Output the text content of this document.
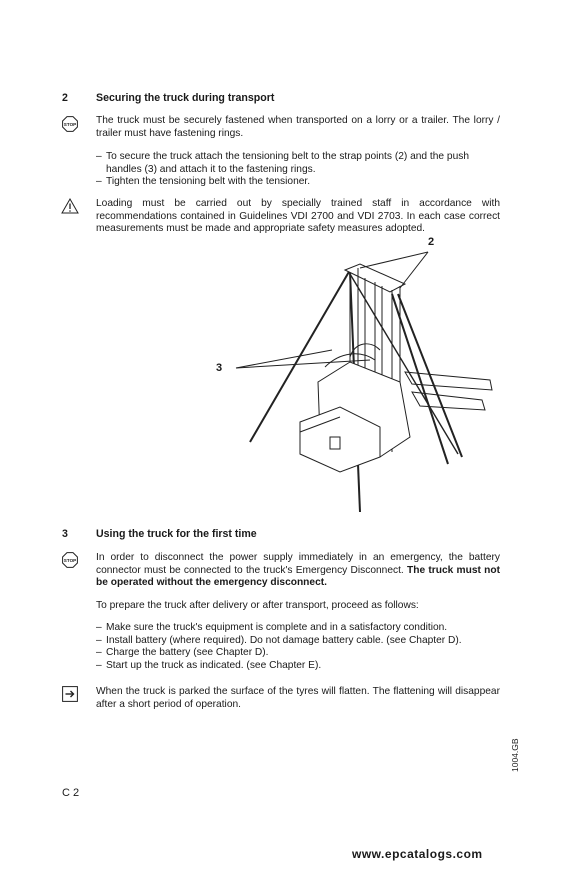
2	Securing the truck during transport
STOP The truck must be securely fastened when transported on a lorry or a trailer. The lorry / trailer must have fastening rings.
– To secure the truck attach the tensioning belt to the strap points (2) and the push handles (3) and attach it to the fastening rings.
– Tighten the tensioning belt with the tensioner.
Loading must be carried out by specially trained staff in accordance with recommendations contained in Guidelines VDI 2700 and VDI 2703. In each case correct measurements must be made and appropriate safety measures adopted.
2
3
3	Using the truck for the first time
STOP In order to disconnect the power supply immediately in an emergency, the battery connector must be connected to the truck's Emergency Disconnect. The truck must not be operated without the emergency disconnect.
To prepare the truck after delivery or after transport, proceed as follows:
– Make sure the truck's equipment is complete and in a satisfactory condition.
– Install battery (where required). Do not damage battery cable. (see Chapter D).
– Charge the battery (see Chapter D).
– Start up the truck as indicated. (see Chapter E).
When the truck is parked the surface of the tyres will flatten. The flattening will disappear after a short period of operation.
1004.GB
C 2
www.epcatalogs.com
